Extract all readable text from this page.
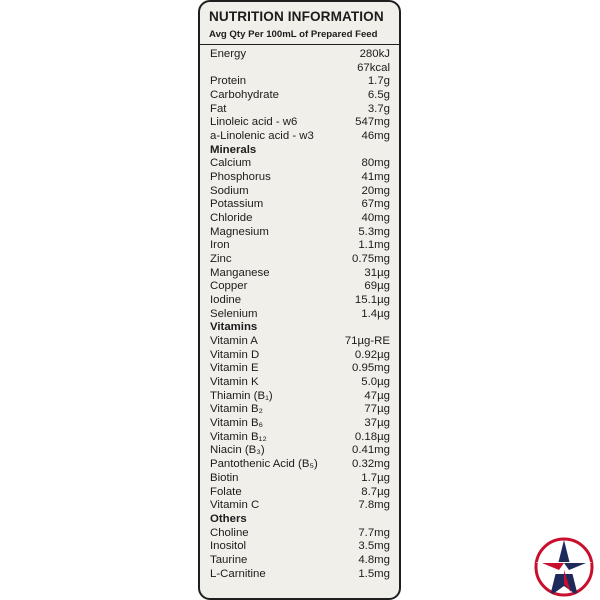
NUTRITION INFORMATION
Avg Qty Per 100mL of Prepared Feed
Energy	280kJ
67kcal
Protein	1.7g
Carbohydrate	6.5g
Fat	3.7g
Linoleic acid - w6	547mg
a-Linolenic acid - w3	46mg
Minerals
Calcium	80mg
Phosphorus	41mg
Sodium	20mg
Potassium	67mg
Chloride	40mg
Magnesium	5.3mg
Iron	1.1mg
Zinc	0.75mg
Manganese	31µg
Copper	69µg
Iodine	15.1µg
Selenium	1.4µg
Vitamins
Vitamin A	71µg-RE
Vitamin D	0.92µg
Vitamin E	0.95mg
Vitamin K	5.0µg
Thiamin (B₁)	47µg
Vitamin B₂	77µg
Vitamin B₆	37µg
Vitamin B₁₂	0.18µg
Niacin (B₃)	0.41mg
Pantothenic Acid (B₅)	0.32mg
Biotin	1.7µg
Folate	8.7µg
Vitamin C	7.8mg
Others
Choline	7.7mg
Inositol	3.5mg
Taurine	4.8mg
L-Carnitine	1.5mg
